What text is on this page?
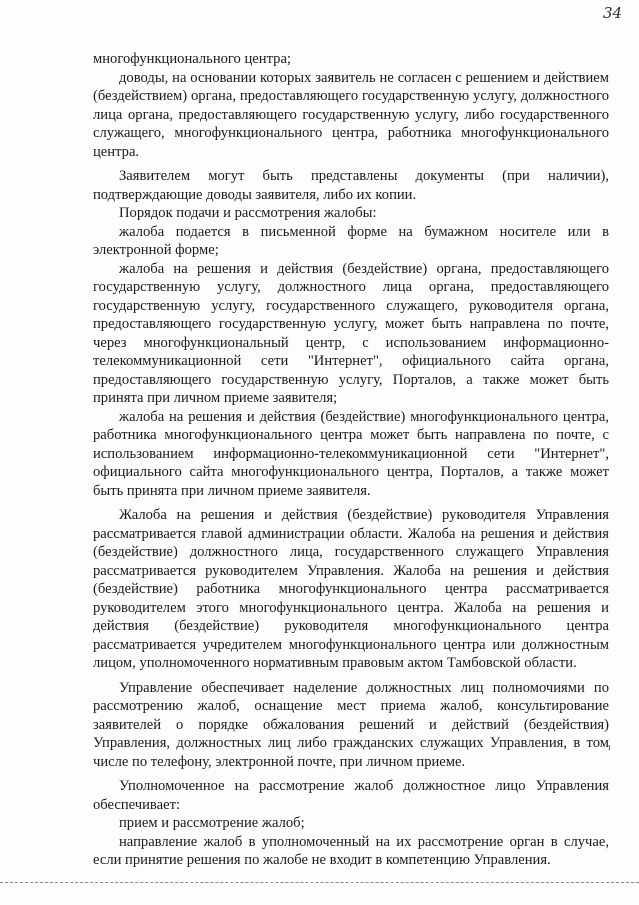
34

многофункционального центра;

доводы, на основании которых заявитель не согласен с решением и действием (бездействием) органа, предоставляющего государственную услугу, должностного лица органа, предоставляющего государственную услугу, либо государственного служащего, многофункционального центра, работника многофункционального центра.

Заявителем могут быть представлены документы (при наличии), подтверждающие доводы заявителя, либо их копии.

Порядок подачи и рассмотрения жалобы:

жалоба подается в письменной форме на бумажном носителе или в электронной форме;

жалоба на решения и действия (бездействие) органа, предоставляющего государственную услугу, должностного лица органа, предоставляющего государственную услугу, государственного служащего, руководителя органа, предоставляющего государственную услугу, может быть направлена по почте, через многофункциональный центр, с использованием информационно-телекоммуникационной сети "Интернет", официального сайта органа, предоставляющего государственную услугу, Порталов, а также может быть принята при личном приеме заявителя;

жалоба на решения и действия (бездействие) многофункционального центра, работника многофункционального центра может быть направлена по почте, с использованием информационно-телекоммуникационной сети "Интернет", официального сайта многофункционального центра, Порталов, а также может быть принята при личном приеме заявителя.

Жалоба на решения и действия (бездействие) руководителя Управления рассматривается главой администрации области. Жалоба на решения и действия (бездействие) должностного лица, государственного служащего Управления рассматривается руководителем Управления. Жалоба на решения и действия (бездействие) работника многофункционального центра рассматривается руководителем этого многофункционального центра. Жалоба на решения и действия (бездействие) руководителя многофункционального центра рассматривается учредителем многофункционального центра или должностным лицом, уполномоченного нормативным правовым актом Тамбовской области.

Управление обеспечивает наделение должностных лиц полномочиями по рассмотрению жалоб, оснащение мест приема жалоб, консультирование заявителей о порядке обжалования решений и действий (бездействия) Управления, должностных лиц либо гражданских служащих Управления, в том числе по телефону, электронной почте, при личном приеме.

Уполномоченное на рассмотрение жалоб должностное лицо Управления обеспечивает:

прием и рассмотрение жалоб;

направление жалоб в уполномоченный на их рассмотрение орган в случае, если принятие решения по жалобе не входит в компетенцию Управления.

ı
